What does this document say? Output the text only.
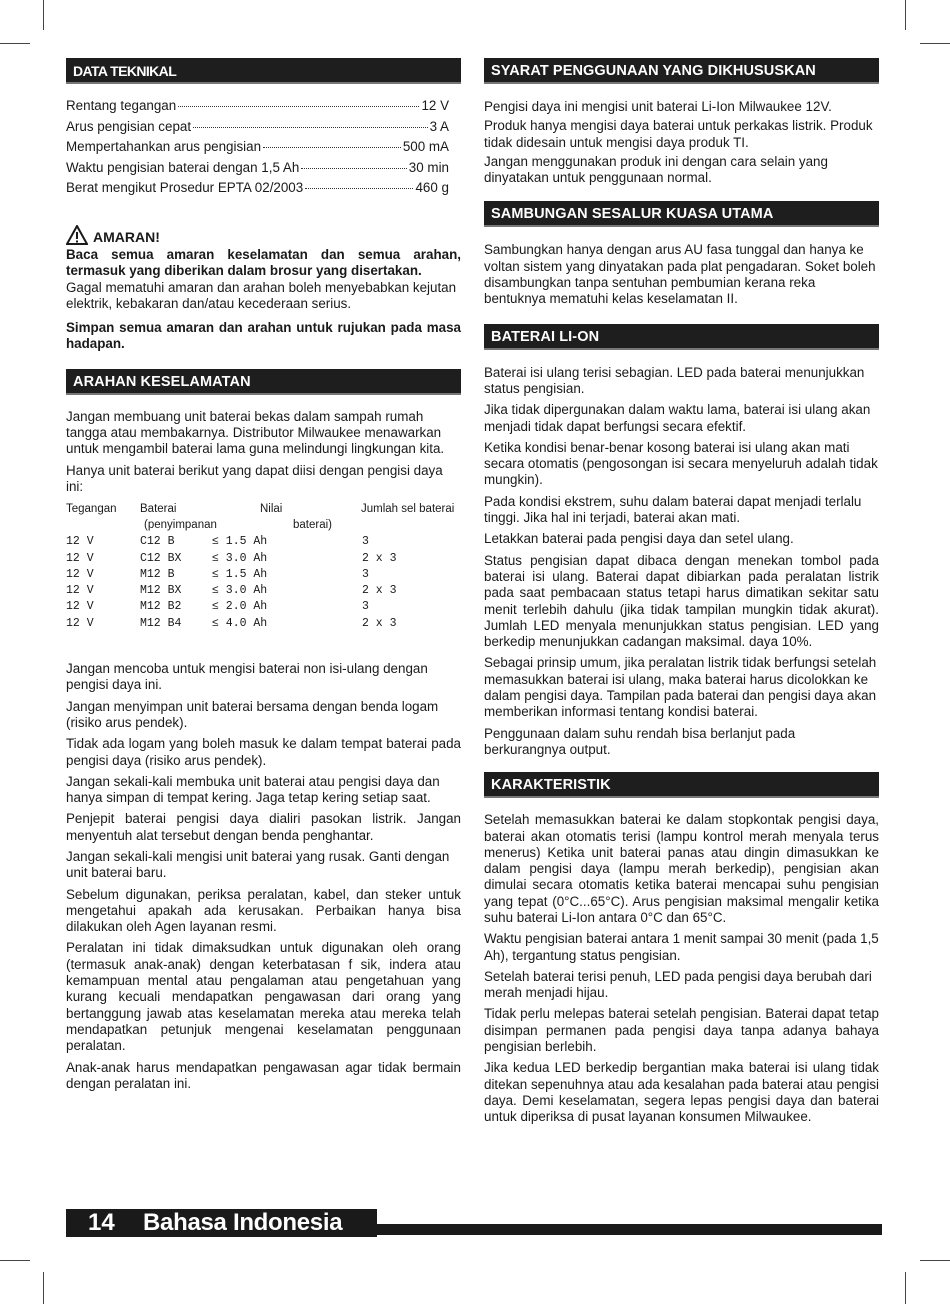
DATA TEKNIKAL
Rentang tegangan	12 V
Arus pengisian cepat	3 A
Mempertahankan arus pengisian	500 mA
Waktu pengisian baterai dengan 1,5 Ah	30 min
Berat mengikut Prosedur EPTA 02/2003	460 g
AMARAN!

Baca semua amaran keselamatan dan semua arahan, termasuk yang diberikan dalam brosur yang disertakan.

Gagal mematuhi amaran dan arahan boleh menyebabkan kejutan elektrik, kebakaran dan/atau kecederaan serius.

Simpan semua amaran dan arahan untuk rujukan pada masa hadapan.

ARAHAN KESELAMATAN

Jangan membuang unit baterai bekas dalam sampah rumah tangga atau membakarnya. Distributor Milwaukee menawarkan untuk mengambil baterai lama guna melindungi lingkungan kita.

Hanya unit baterai berikut yang dapat diisi dengan pengisi daya ini:

Tegangan Baterai	Nilai	Jumlah sel baterai
(penyimpanan	baterai)
12 V	C12 B	≤ 1.5 Ah	3
12 V	C12 BX	≤ 3.0 Ah	2 x 3
12 V	M12 B	≤ 1.5 Ah	3
12 V	M12 BX	≤ 3.0 Ah	2 x 3
12 V	M12 B2	≤ 2.0 Ah	3
12 V	M12 B4	≤ 4.0 Ah	2 x 3

Jangan mencoba untuk mengisi baterai non isi-ulang dengan pengisi daya ini.

Jangan menyimpan unit baterai bersama dengan benda logam (risiko arus pendek).

Tidak ada logam yang boleh masuk ke dalam tempat baterai pada pengisi daya (risiko arus pendek).

Jangan sekali-kali membuka unit baterai atau pengisi daya dan hanya simpan di tempat kering. Jaga tetap kering setiap saat.

Penjepit baterai pengisi daya dialiri pasokan listrik. Jangan menyentuh alat tersebut dengan benda penghantar.

Jangan sekali-kali mengisi unit baterai yang rusak. Ganti dengan unit baterai baru.

Sebelum digunakan, periksa peralatan, kabel, dan steker untuk mengetahui apakah ada kerusakan. Perbaikan hanya bisa dilakukan oleh Agen layanan resmi.

Peralatan ini tidak dimaksudkan untuk digunakan oleh orang (termasuk anak-anak) dengan keterbatasan f sik, indera atau kemampuan mental atau pengalaman atau pengetahuan yang kurang kecuali mendapatkan pengawasan dari orang yang bertanggung jawab atas keselamatan mereka atau mereka telah mendapatkan petunjuk mengenai keselamatan penggunaan peralatan.

Anak-anak harus mendapatkan pengawasan agar tidak bermain dengan peralatan ini.

SYARAT PENGGUNAAN YANG DIKHUSUSKAN

Pengisi daya ini mengisi unit baterai Li-Ion Milwaukee 12V.

Produk hanya mengisi daya baterai untuk perkakas listrik. Produk tidak didesain untuk mengisi daya produk TI.

Jangan menggunakan produk ini dengan cara selain yang dinyatakan untuk penggunaan normal.

SAMBUNGAN SESALUR KUASA UTAMA

Sambungkan hanya dengan arus AU fasa tunggal dan hanya ke voltan sistem yang dinyatakan pada plat pengadaran. Soket boleh disambungkan tanpa sentuhan pembumian kerana reka bentuknya mematuhi kelas keselamatan II.

BATERAI LI-ON

Baterai isi ulang terisi sebagian. LED pada baterai menunjukkan status pengisian.

Jika tidak dipergunakan dalam waktu lama, baterai isi ulang akan menjadi tidak dapat berfungsi secara efektif.

Ketika kondisi benar-benar kosong baterai isi ulang akan mati secara otomatis (pengosongan isi secara menyeluruh adalah tidak mungkin).

Pada kondisi ekstrem, suhu dalam baterai dapat menjadi terlalu tinggi. Jika hal ini terjadi, baterai akan mati.

Letakkan baterai pada pengisi daya dan setel ulang.

Status pengisian dapat dibaca dengan menekan tombol pada baterai isi ulang. Baterai dapat dibiarkan pada peralatan listrik pada saat pembacaan status tetapi harus dimatikan sekitar satu menit terlebih dahulu (jika tidak tampilan mungkin tidak akurat). Jumlah LED menyala menunjukkan status pengisian. LED yang berkedip menunjukkan cadangan maksimal. daya 10%.

Sebagai prinsip umum, jika peralatan listrik tidak berfungsi setelah memasukkan baterai isi ulang, maka baterai harus dicolokkan ke dalam pengisi daya. Tampilan pada baterai dan pengisi daya akan memberikan informasi tentang kondisi baterai.

Penggunaan dalam suhu rendah bisa berlanjut pada berkurangnya output.

KARAKTERISTIK

Setelah memasukkan baterai ke dalam stopkontak pengisi daya, baterai akan otomatis terisi (lampu kontrol merah menyala terus menerus) Ketika unit baterai panas atau dingin dimasukkan ke dalam pengisi daya (lampu merah berkedip), pengisian akan dimulai secara otomatis ketika baterai mencapai suhu pengisian yang tepat (0°C...65°C). Arus pengisian maksimal mengalir ketika suhu baterai Li-Ion antara 0°C dan 65°C.

Waktu pengisian baterai antara 1 menit sampai 30 menit (pada 1,5 Ah), tergantung status pengisian.

Setelah baterai terisi penuh, LED pada pengisi daya berubah dari merah menjadi hijau.

Tidak perlu melepas baterai setelah pengisian. Baterai dapat tetap disimpan permanen pada pengisi daya tanpa adanya bahaya pengisian berlebih.

Jika kedua LED berkedip bergantian maka baterai isi ulang tidak ditekan sepenuhnya atau ada kesalahan pada baterai atau pengisi daya. Demi keselamatan, segera lepas pengisi daya dan baterai untuk diperiksa di pusat layanan konsumen Milwaukee.

14 Bahasa Indonesia
